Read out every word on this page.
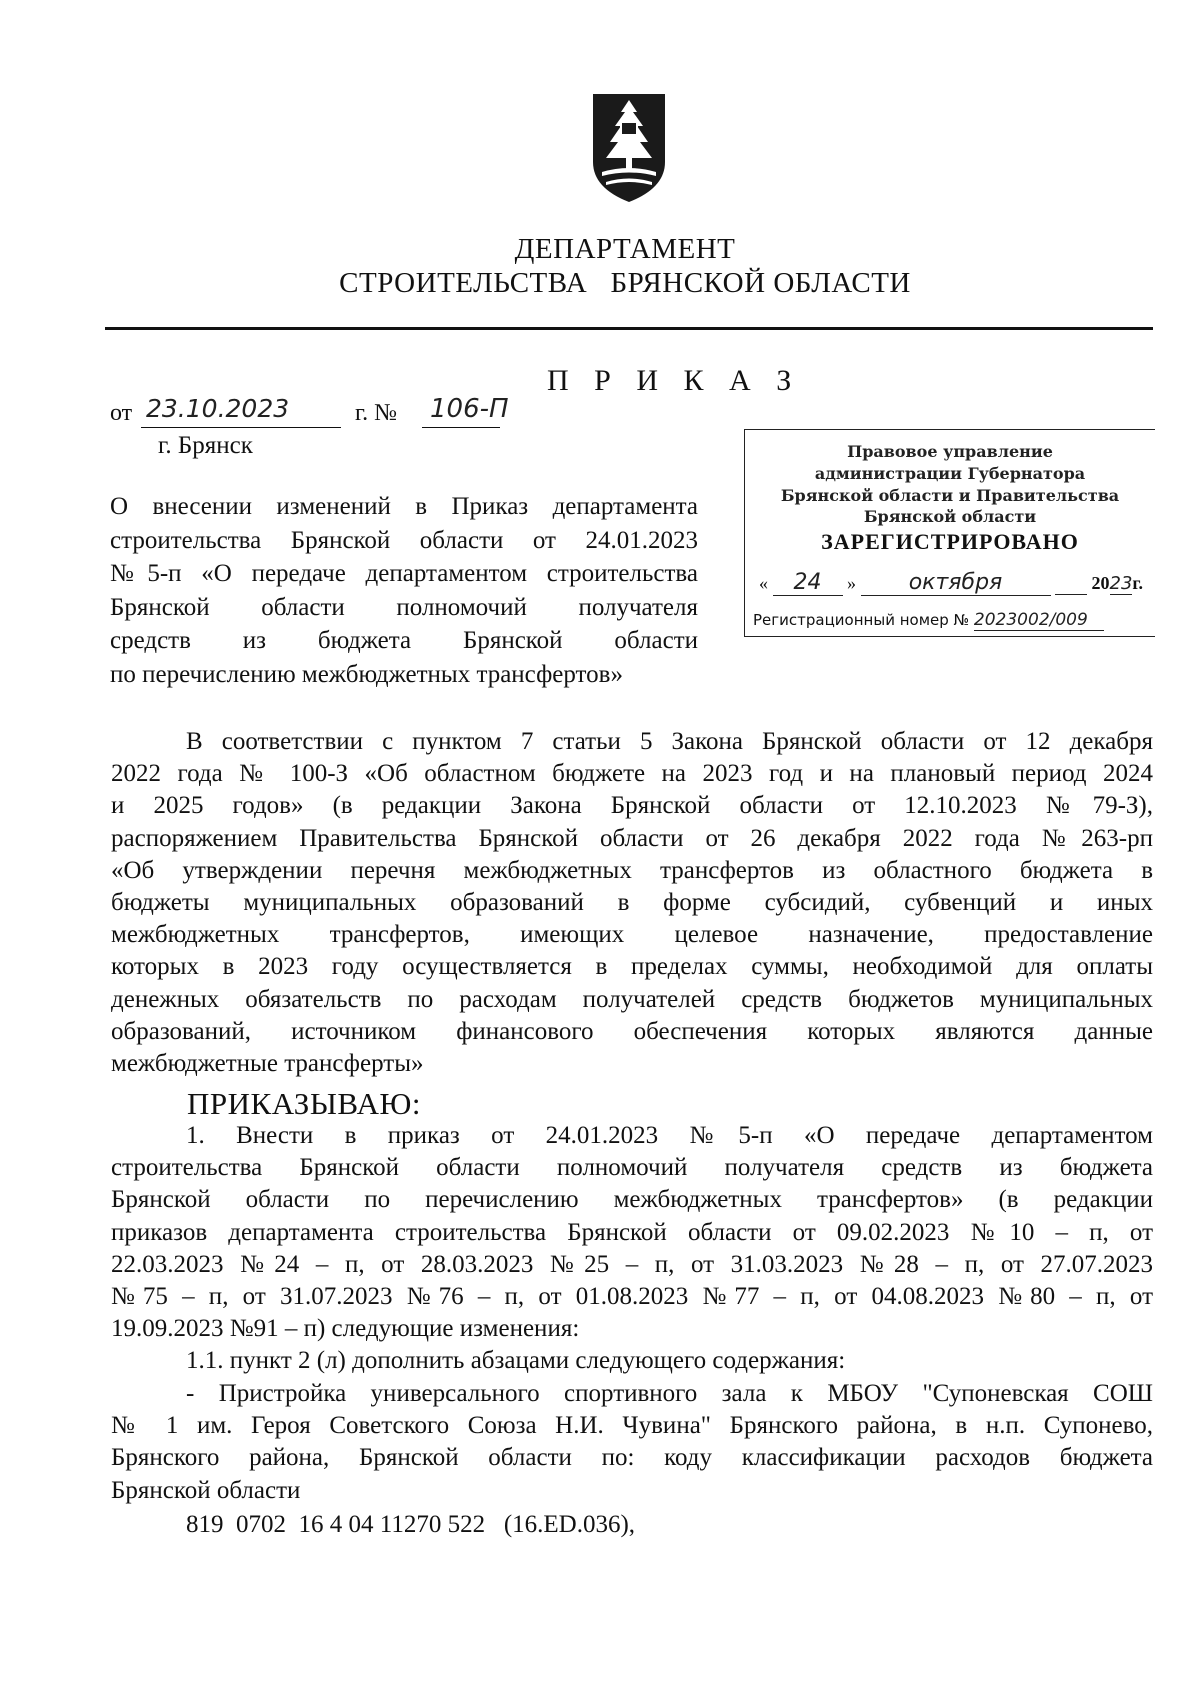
ДЕПАРТАМЕНТ
СТРОИТЕЛЬСТВА   БРЯНСКОЙ ОБЛАСТИ
П Р И К А З
от 23.10.2023	г. № 106-П
г. Брянск
О внесении изменений в Приказ департамента
строительства Брянской области от 24.01.2023
№5-п «О передаче департаментом строительства
Брянской области полномочий получателя
средств из бюджета Брянской области
по перечислению межбюджетных трансфертов»
Правовое управление
администрации Губернатора
Брянской области и Правительства
Брянской области
ЗАРЕГИСТРИРОВАНО
« 24 » октября	2023г.
Регистрационный номер № 2023002/009
В соответствии с пунктом 7 статьи 5 Закона Брянской области от 12 декабря
2022 года № 100-З «Об областном бюджете на 2023 год и на плановый период 2024
и 2025 годов» (в редакции Закона Брянской области от 12.10.2023 №79-З),
распоряжением Правительства Брянской области от 26 декабря 2022 года №263-рп
«Об утверждении перечня межбюджетных трансфертов из областного бюджета в
бюджеты муниципальных образований в форме субсидий, субвенций и иных
межбюджетных трансфертов, имеющих целевое назначение, предоставление
которых в 2023 году осуществляется в пределах суммы, необходимой для оплаты
денежных обязательств по расходам получателей средств бюджетов муниципальных
образований, источником финансового обеспечения которых являются данные
межбюджетные трансферты»
ПРИКАЗЫВАЮ:
1. Внести в приказ от 24.01.2023 №5-п «О передаче департаментом
строительства Брянской области полномочий получателя средств из бюджета
Брянской области по перечислению межбюджетных трансфертов» (в редакции
приказов департамента строительства Брянской области от 09.02.2023 №10 – п, от
22.03.2023 №24 – п, от 28.03.2023 №25 – п, от 31.03.2023 №28 – п, от 27.07.2023
№75 – п, от 31.07.2023 №76 – п, от 01.08.2023 №77 – п, от 04.08.2023 №80 – п, от
19.09.2023 №91 – п) следующие изменения:
1.1. пункт 2 (л) дополнить абзацами следующего содержания:
- Пристройка универсального спортивного зала к МБОУ "Супоневская СОШ
№ 1 им. Героя Советского Союза Н.И. Чувина" Брянского района, в н.п. Супонево,
Брянского района, Брянской области по: коду классификации расходов бюджета
Брянской области
819  0702  16 4 04 11270 522   (16.ED.036),
